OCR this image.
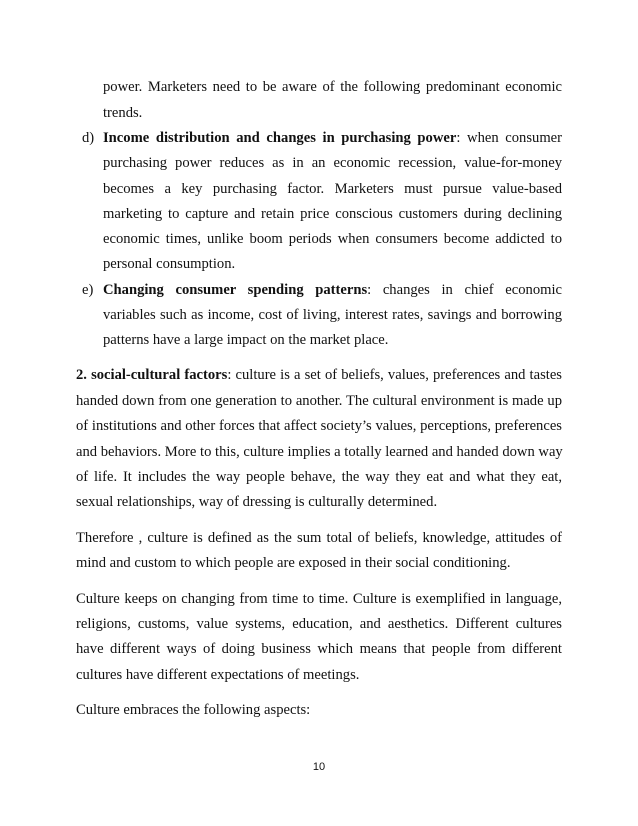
power. Marketers need to be aware of the following predominant economic
trends.
d) Income distribution and changes in purchasing power: when consumer
purchasing power reduces as in an economic recession, value-for-money
becomes a key purchasing factor. Marketers must pursue value-based
marketing to capture and retain price conscious customers during declining
economic times, unlike boom periods when consumers become addicted to
personal consumption.
e) Changing consumer spending patterns: changes in chief economic
variables such as income, cost of living, interest rates, savings and borrowing
patterns have a large impact on the market place.
2. social-cultural factors: culture is a set of beliefs, values, preferences and tastes
handed down from one generation to another. The cultural environment is made up
of institutions and other forces that affect society’s values, perceptions, preferences
and behaviors. More to this, culture implies a totally learned and handed down way
of life. It includes the way people behave, the way they eat and what they eat,
sexual relationships, way of dressing is culturally determined.
Therefore , culture is defined as the sum total of beliefs, knowledge, attitudes of
mind and custom to which people are exposed in their social conditioning.
Culture keeps on changing from time to time. Culture is exemplified in language,
religions, customs, value systems, education, and aesthetics. Different cultures
have different ways of doing business which means that people from different
cultures have different expectations of meetings.
Culture embraces the following aspects:
10
